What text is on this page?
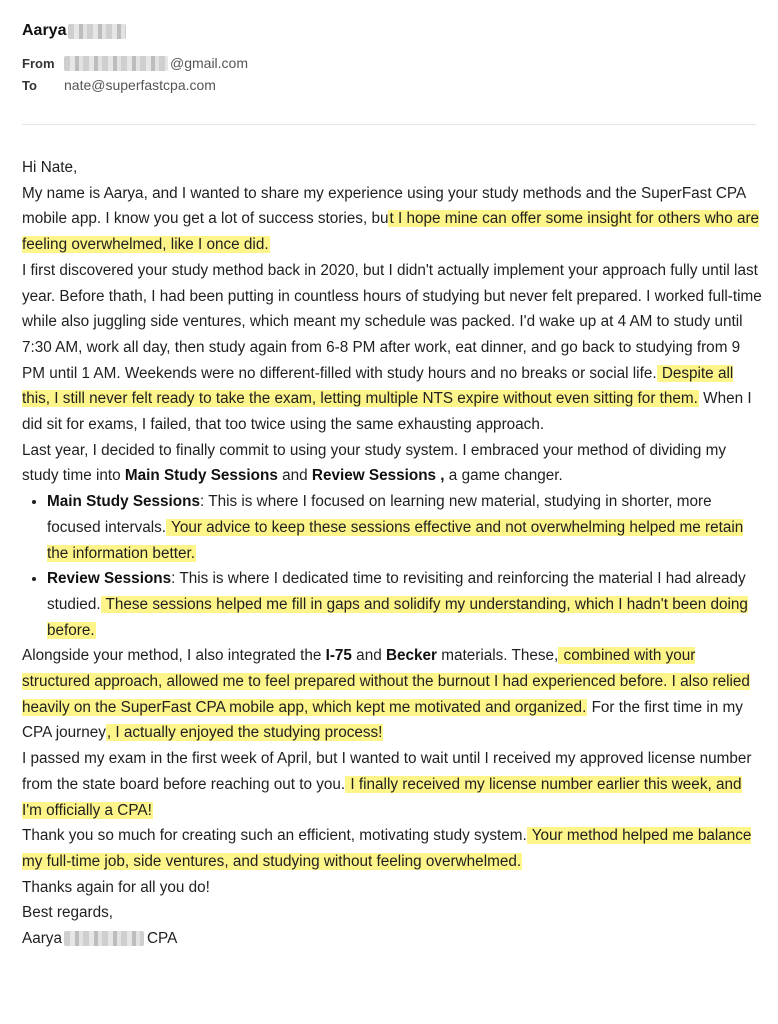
Aarya
From	@gmail.com
To	nate@superfastcpa.com

Hi Nate,

My name is Aarya, and I wanted to share my experience using your study methods and the SuperFast CPA mobile app. I know you get a lot of success stories, but I hope mine can offer some insight for others who are feeling overwhelmed, like I once did.

I first discovered your study method back in 2020, but I didn't actually implement your approach fully until last year. Before thath, I had been putting in countless hours of studying but never felt prepared. I worked full-time while also juggling side ventures, which meant my schedule was packed. I'd wake up at 4 AM to study until 7:30 AM, work all day, then study again from 6-8 PM after work, eat dinner, and go back to studying from 9 PM until 1 AM. Weekends were no different-filled with study hours and no breaks or social life. Despite all this, I still never felt ready to take the exam, letting multiple NTS expire without even sitting for them. When I did sit for exams, I failed, that too twice using the same exhausting approach.

Last year, I decided to finally commit to using your study system. I embraced your method of dividing my study time into Main Study Sessions and Review Sessions , a game changer.

• Main Study Sessions: This is where I focused on learning new material, studying in shorter, more focused intervals. Your advice to keep these sessions effective and not overwhelming helped me retain the information better.
• Review Sessions: This is where I dedicated time to revisiting and reinforcing the material I had already studied. These sessions helped me fill in gaps and solidify my understanding, which I hadn't been doing before.

Alongside your method, I also integrated the I-75 and Becker materials. These, combined with your structured approach, allowed me to feel prepared without the burnout I had experienced before. I also relied heavily on the SuperFast CPA mobile app, which kept me motivated and organized. For the first time in my CPA journey, I actually enjoyed the studying process!

I passed my exam in the first week of April, but I wanted to wait until I received my approved license number from the state board before reaching out to you. I finally received my license number earlier this week, and I'm officially a CPA!

Thank you so much for creating such an efficient, motivating study system. Your method helped me balance my full-time job, side ventures, and studying without feeling overwhelmed.

Thanks again for all you do!

Best regards,

Aarya	CPA
